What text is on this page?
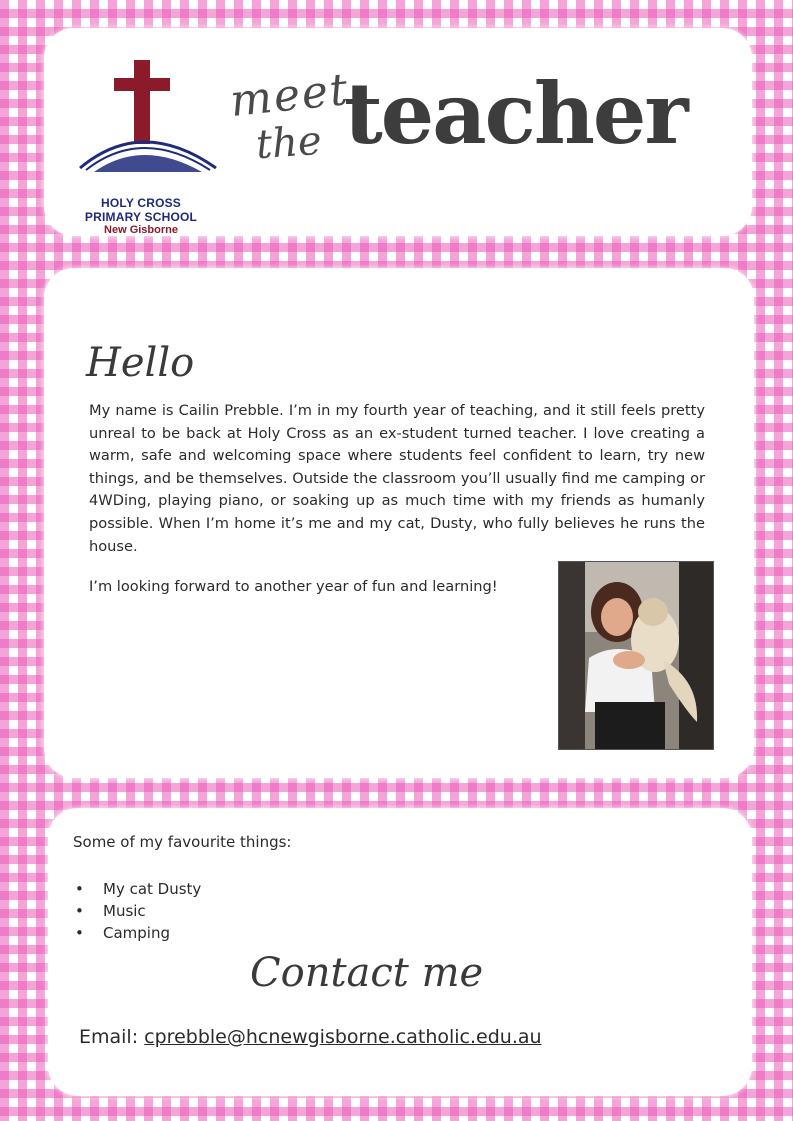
HOLY CROSS
PRIMARY SCHOOL
New Gisborne
meet
the teacher
Hello

My name is Cailin Prebble. I’m in my fourth year of teaching, and it still feels pretty unreal to be back at Holy Cross as an ex-student turned teacher. I love creating a warm, safe and welcoming space where students feel confident to learn, try new things, and be themselves. Outside the classroom you’ll usually find me camping or 4WDing, playing piano, or soaking up as much time with my friends as humanly possible. When I’m home it’s me and my cat, Dusty, who fully believes he runs the house.

I’m looking forward to another year of fun and learning!

Some of my favourite things:
• My cat Dusty
• Music
• Camping
Contact me
Email: cprebble@hcnewgisborne.catholic.edu.au
